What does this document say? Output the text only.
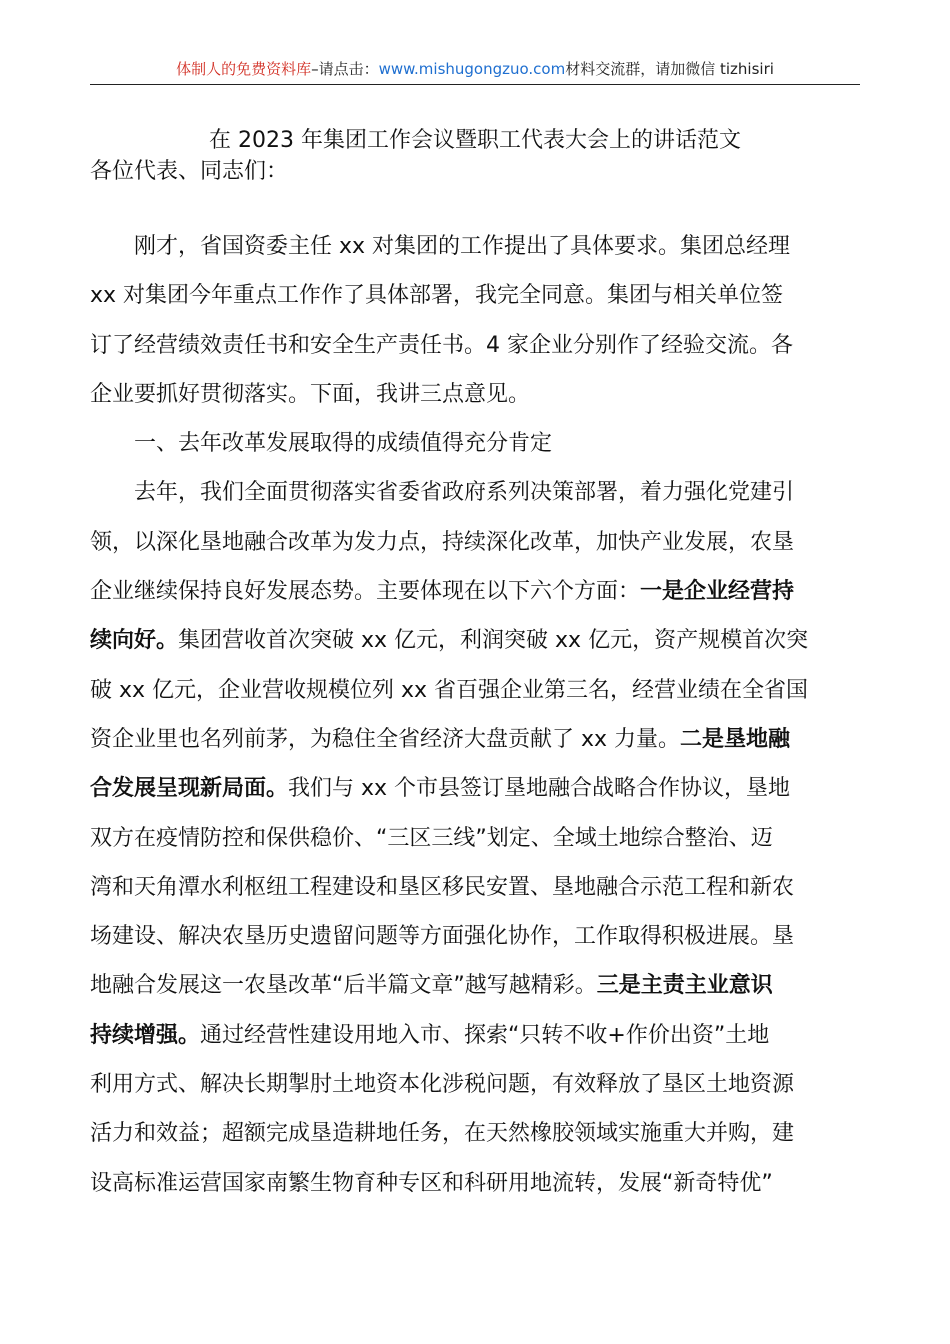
体制人的免费资料库–请点击：www.mishugongzuo.com材料交流群，请加微信 tizhisiri
在 2023 年集团工作会议暨职工代表大会上的讲话范文
各位代表、同志们：
　　刚才，省国资委主任 xx 对集团的工作提出了具体要求。集团总经理
xx 对集团今年重点工作作了具体部署，我完全同意。集团与相关单位签
订了经营绩效责任书和安全生产责任书。4 家企业分别作了经验交流。各
企业要抓好贯彻落实。下面，我讲三点意见。
　　一、去年改革发展取得的成绩值得充分肯定
　　去年，我们全面贯彻落实省委省政府系列决策部署，着力强化党建引
领，以深化垦地融合改革为发力点，持续深化改革，加快产业发展，农垦
企业继续保持良好发展态势。主要体现在以下六个方面：一是企业经营持
续向好。集团营收首次突破 xx 亿元，利润突破 xx 亿元，资产规模首次突
破 xx 亿元，企业营收规模位列 xx 省百强企业第三名，经营业绩在全省国
资企业里也名列前茅，为稳住全省经济大盘贡献了 xx 力量。二是垦地融
合发展呈现新局面。我们与 xx 个市县签订垦地融合战略合作协议，垦地
双方在疫情防控和保供稳价、“三区三线”划定、全域土地综合整治、迈
湾和天角潭水利枢纽工程建设和垦区移民安置、垦地融合示范工程和新农
场建设、解决农垦历史遗留问题等方面强化协作，工作取得积极进展。垦
地融合发展这一农垦改革“后半篇文章”越写越精彩。三是主责主业意识
持续增强。通过经营性建设用地入市、探索“只转不收+作价出资”土地
利用方式、解决长期掣肘土地资本化涉税问题，有效释放了垦区土地资源
活力和效益；超额完成垦造耕地任务，在天然橡胶领域实施重大并购，建
设高标准运营国家南繁生物育种专区和科研用地流转，发展“新奇特优”
